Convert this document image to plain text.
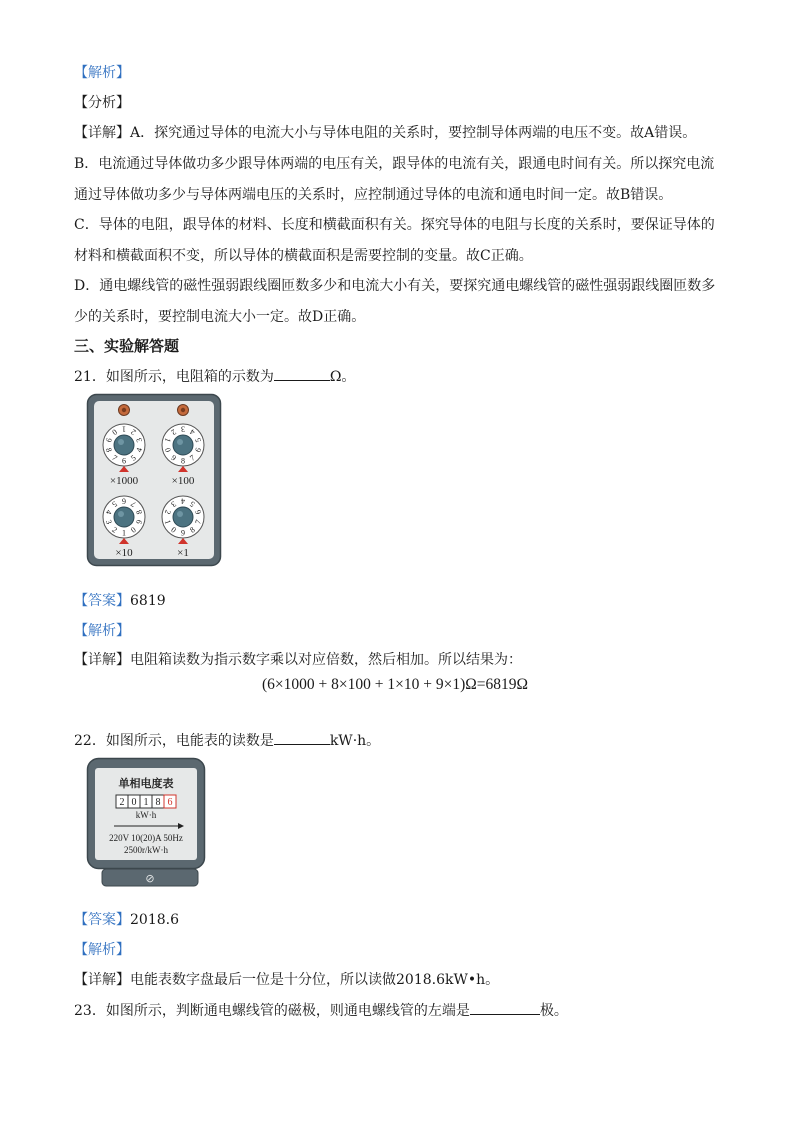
【解析】
【分析】
【详解】A．探究通过导体的电流大小与导体电阻的关系时，要控制导体两端的电压不变。故A错误。
B．电流通过导体做功多少跟导体两端的电压有关，跟导体的电流有关，跟通电时间有关。所以探究电流
通过导体做功多少与导体两端电压的关系时，应控制通过导体的电流和通电时间一定。故B错误。
C．导体的电阻，跟导体的材料、长度和横截面积有关。探究导体的电阻与长度的关系时，要保证导体的
材料和横截面积不变，所以导体的横截面积是需要控制的变量。故C正确。
D．通电螺线管的磁性强弱跟线圈匝数多少和电流大小有关，要探究通电螺线管的磁性强弱跟线圈匝数多
少的关系时，要控制电流大小一定。故D正确。
三、实验解答题
21．如图所示，电阻箱的示数为	Ω。
0 1 2
3
4
5
6
7
8
9
0
1
2 3 4
5
6
7
8
9
0
1
2
3
4
5 6 7
8
9
0
1
2
3 4 5
6
7
8
9
×1000	×100
×10	×1
【答案】6819
【解析】
【详解】电阻箱读数为指示数字乘以对应倍数，然后相加。所以结果为：
(6×1000 + 8×100 + 1×10 + 9×1)Ω=6819Ω
22．如图所示，电能表的读数是	kW·h。
⊘
单相电度表
2 0 1 8 6
kW·h
220V 10(20)A 50Hz
2500r/kW·h
【答案】2018.6
【解析】
【详解】电能表数字盘最后一位是十分位，所以读做2018.6kW•h。
23．如图所示，判断通电螺线管的磁极，则通电螺线管的左端是	极。
